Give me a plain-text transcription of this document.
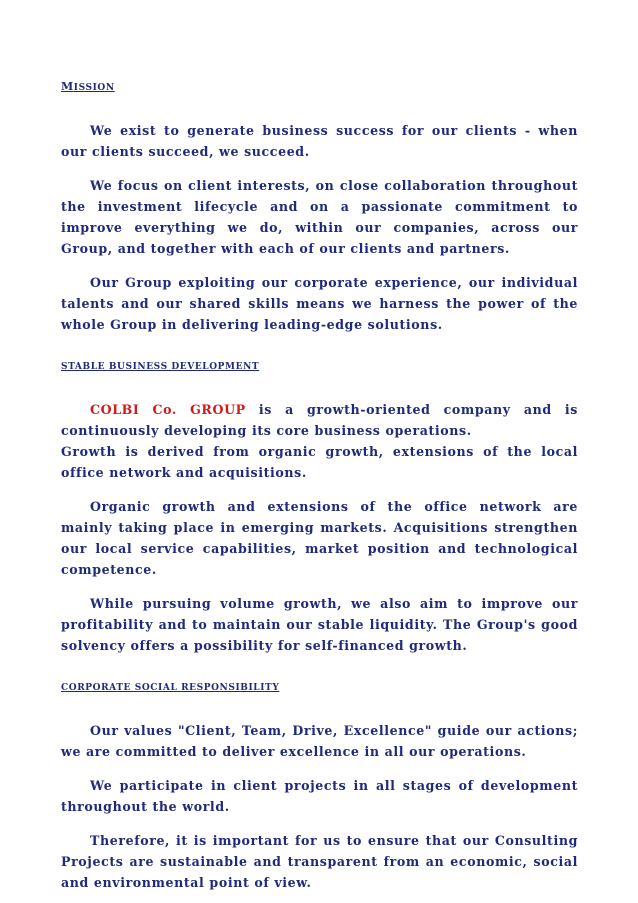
MISSION

We exist to generate business success for our clients - when our clients succeed, we succeed.

We focus on client interests, on close collaboration throughout the investment lifecycle and on a passionate commitment to improve everything we do, within our companies, across our Group, and together with each of our clients and partners.

Our Group exploiting our corporate experience, our individual talents and our shared skills means we harness the power of the whole Group in delivering leading-edge solutions.

STABLE BUSINESS DEVELOPMENT

COLBI Co. GROUP is a growth-oriented company and is continuously developing its core business operations.

Growth is derived from organic growth, extensions of the local office network and acquisitions.

Organic growth and extensions of the office network are mainly taking place in emerging markets. Acquisitions strengthen our local service capabilities, market position and technological competence.

While pursuing volume growth, we also aim to improve our profitability and to maintain our stable liquidity. The Group's good solvency offers a possibility for self-financed growth.

CORPORATE SOCIAL RESPONSIBILITY

Our values "Client, Team, Drive, Excellence" guide our actions; we are committed to deliver excellence in all our operations.

We participate in client projects in all stages of development throughout the world.

Therefore, it is important for us to ensure that our Consulting Projects are sustainable and transparent from an economic, social and environmental point of view.
